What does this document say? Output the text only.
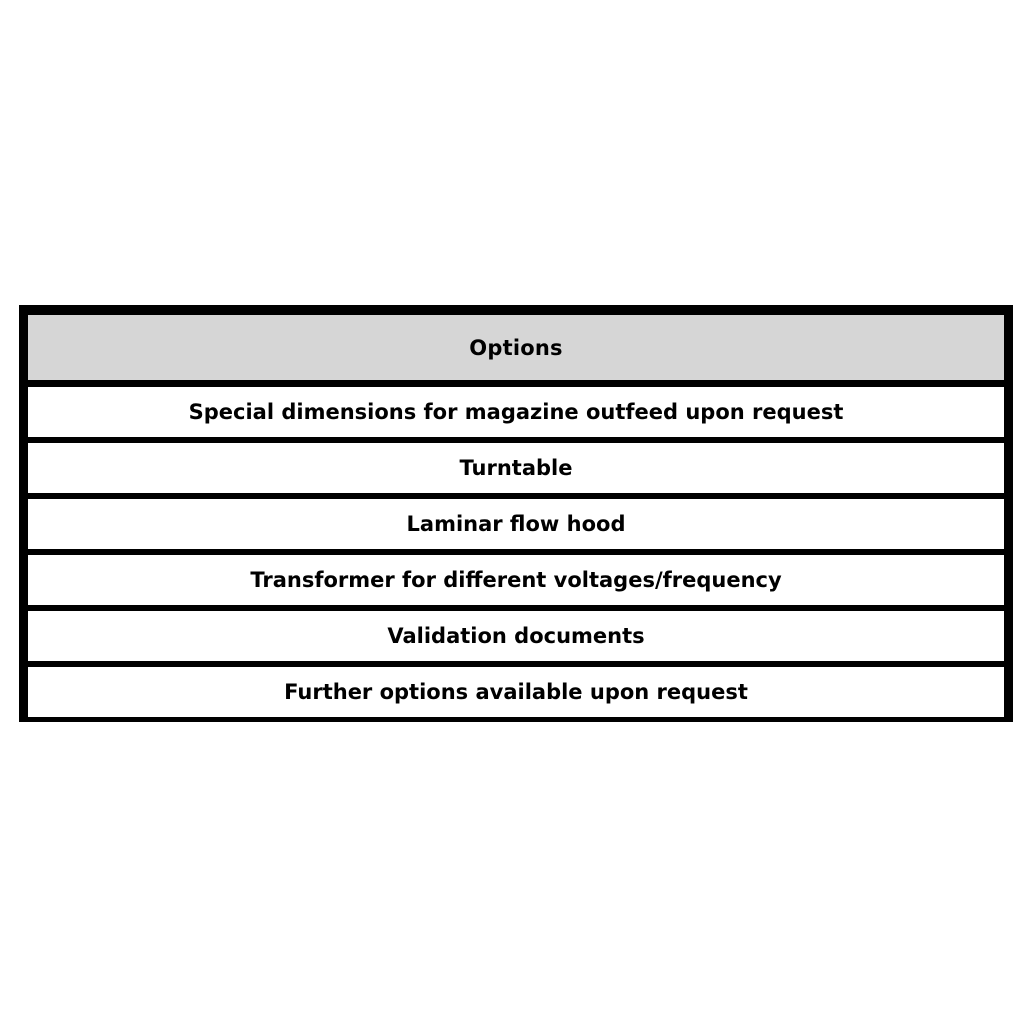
Options
Special dimensions for magazine outfeed upon request
Turntable
Laminar flow hood
Transformer for different voltages/frequency
Validation documents
Further options available upon request
